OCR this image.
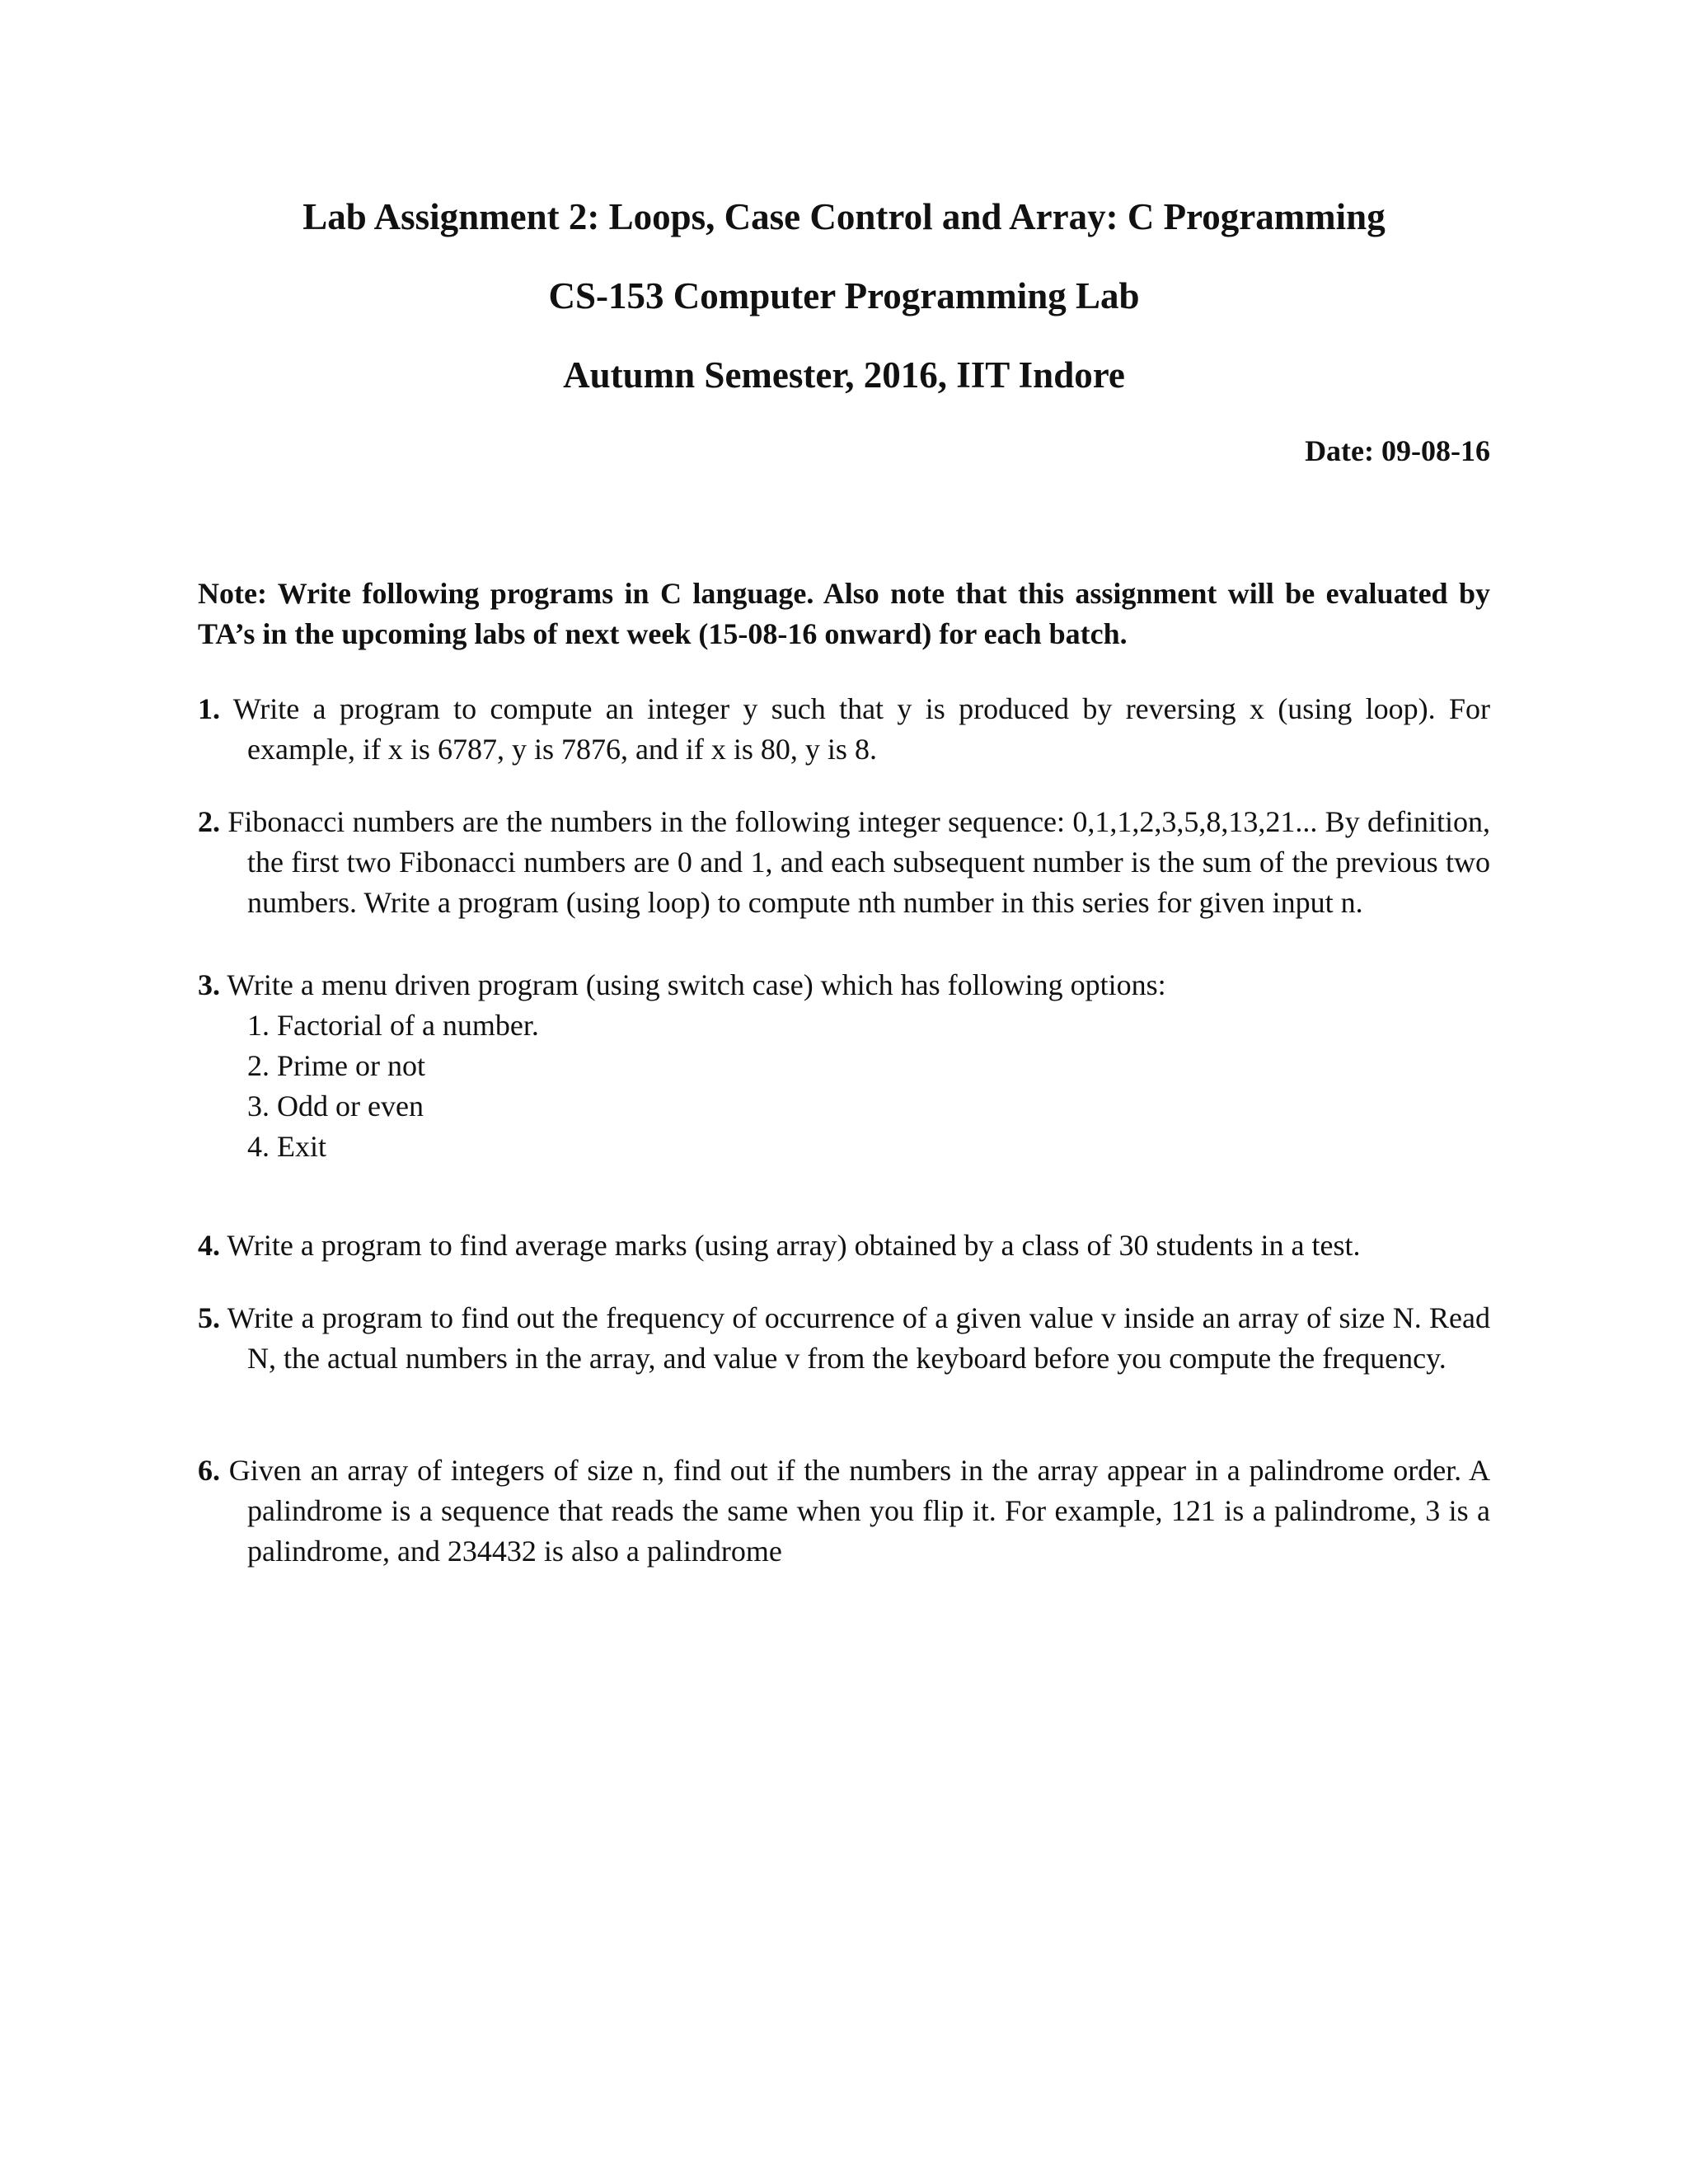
Lab Assignment 2: Loops, Case Control and Array: C Programming
CS-153 Computer Programming Lab
Autumn Semester, 2016, IIT Indore
Date: 09-08-16

Note: Write following programs in C language. Also note that this assignment will be evaluated by TA’s in the upcoming labs of next week (15-08-16 onward) for each batch.

1. Write a program to compute an integer y such that y is produced by reversing x (using loop). For example, if x is 6787, y is 7876, and if x is 80, y is 8.

2. Fibonacci numbers are the numbers in the following integer sequence: 0,1,1,2,3,5,8,13,21... By definition, the first two Fibonacci numbers are 0 and 1, and each subsequent number is the sum of the previous two numbers. Write a program (using loop) to compute nth number in this series for given input n.

3. Write a menu driven program (using switch case) which has following options:
1. Factorial of a number.
2. Prime or not
3. Odd or even
4. Exit

4. Write a program to find average marks (using array) obtained by a class of 30 students in a test.

5. Write a program to find out the frequency of occurrence of a given value v inside an array of size N. Read N, the actual numbers in the array, and value v from the keyboard before you compute the frequency.

6. Given an array of integers of size n, find out if the numbers in the array appear in a palindrome order. A palindrome is a sequence that reads the same when you flip it. For example, 121 is a palindrome, 3 is a palindrome, and 234432 is also a palindrome
